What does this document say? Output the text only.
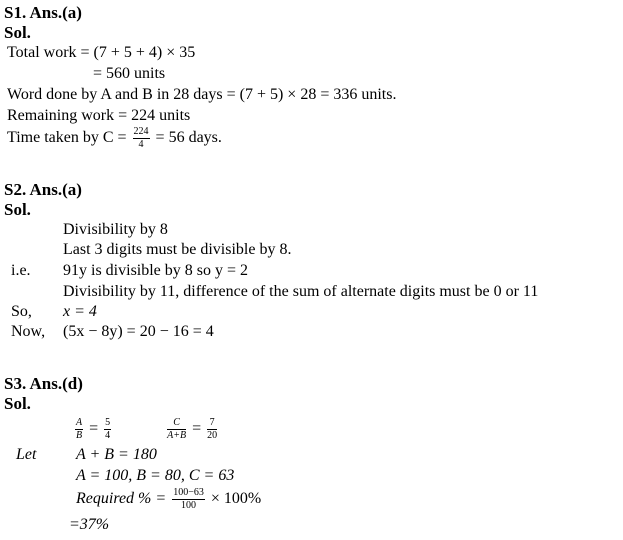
S1. Ans.(a)
Sol.
Total work = (7 + 5 + 4) × 35
= 560 units
Word done by A and B in 28 days = (7 + 5) × 28 = 336 units.
Remaining work = 224 units
Time taken by $C = \frac{224}{4} = 56$ days.
S2. Ans.(a)
Sol.
Divisibility by 8
Last 3 digits must be divisible by 8.
i.e. 91y is divisible by 8 so y = 2
Divisibility by 11, difference of the sum of alternate digits must be 0 or 11
So, x = 4
Now, (5x − 8y) = 20 − 16 = 4
S3. Ans.(d)
Sol.
$\frac{A}{B} = \frac{5}{4}$
	$\frac{C}{A+B} = \frac{7}{20}$
Let A + B = 180
A = 100, B = 80, C = 63
Required % = $\frac{100-63}{100} \times 100\%$
=37%
